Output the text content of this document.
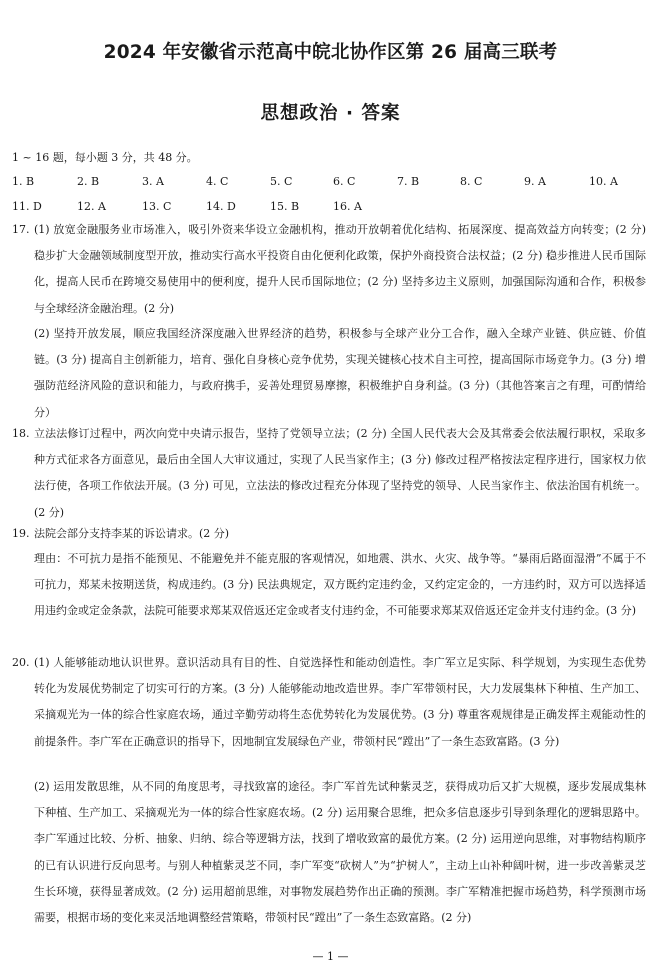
2024 年安徽省示范高中皖北协作区第 26 届高三联考
思想政治 · 答案
1 ~ 16 题，每小题 3 分，共 48 分。
1. B	2. B	3. A	4. C	5. C	6. C	7. B	8. C	9. A	10. A
11. D	12. A	13. C	14. D	15. B	16. A
17. (1) 放宽金融服务业市场准入，吸引外资来华设立金融机构，推动开放朝着优化结构、拓展深度、提高效益方向转变；(2 分) 稳步扩大金融领域制度型开放，推动实行高水平投资自由化便利化政策，保护外商投资合法权益；(2 分) 稳步推进人民币国际化，提高人民币在跨境交易使用中的便利度，提升人民币国际地位；(2 分) 坚持多边主义原则，加强国际沟通和合作，积极参与全球经济金融治理。(2 分)

(2) 坚持开放发展，顺应我国经济深度融入世界经济的趋势，积极参与全球产业分工合作，融入全球产业链、供应链、价值链。(3 分) 提高自主创新能力，培育、强化自身核心竞争优势，实现关键核心技术自主可控，提高国际市场竞争力。(3 分) 增强防范经济风险的意识和能力，与政府携手，妥善处理贸易摩擦，积极维护自身利益。(3 分)（其他答案言之有理，可酌情给分）

18. 立法法修订过程中，两次向党中央请示报告，坚持了党领导立法；(2 分) 全国人民代表大会及其常委会依法履行职权，采取多种方式征求各方面意见，最后由全国人大审议通过，实现了人民当家作主；(3 分) 修改过程严格按法定程序进行，国家权力依法行使，各项工作依法开展。(3 分) 可见，立法法的修改过程充分体现了坚持党的领导、人民当家作主、依法治国有机统一。(2 分)

19. 法院会部分支持李某的诉讼请求。(2 分)

理由：不可抗力是指不能预见、不能避免并不能克服的客观情况，如地震、洪水、火灾、战争等。“暴雨后路面湿滑”不属于不可抗力，郑某未按期送货，构成违约。(3 分) 民法典规定，双方既约定违约金，又约定定金的，一方违约时，双方可以选择适用违约金或定金条款，法院可能要求郑某双倍返还定金或者支付违约金，不可能要求郑某双倍返还定金并支付违约金。(3 分)

20. (1) 人能够能动地认识世界。意识活动具有目的性、自觉选择性和能动创造性。李广军立足实际、科学规划，为实现生态优势转化为发展优势制定了切实可行的方案。(3 分) 人能够能动地改造世界。李广军带领村民，大力发展集林下种植、生产加工、采摘观光为一体的综合性家庭农场，通过辛勤劳动将生态优势转化为发展优势。(3 分) 尊重客观规律是正确发挥主观能动性的前提条件。李广军在正确意识的指导下，因地制宜发展绿色产业，带领村民“蹚出”了一条生态致富路。(3 分)

(2) 运用发散思维，从不同的角度思考，寻找致富的途径。李广军首先试种紫灵芝，获得成功后又扩大规模，逐步发展成集林下种植、生产加工、采摘观光为一体的综合性家庭农场。(2 分) 运用聚合思维，把众多信息逐步引导到条理化的逻辑思路中。李广军通过比较、分析、抽象、归纳、综合等逻辑方法，找到了增收致富的最优方案。(2 分) 运用逆向思维，对事物结构顺序的已有认识进行反向思考。与别人种植紫灵芝不同，李广军变“砍树人”为“护树人”，主动上山补种阔叶树，进一步改善紫灵芝生长环境，获得显著成效。(2 分) 运用超前思维，对事物发展趋势作出正确的预测。李广军精准把握市场趋势，科学预测市场需要，根据市场的变化来灵活地调整经营策略，带领村民“蹚出”了一条生态致富路。(2 分)

— 1 —
